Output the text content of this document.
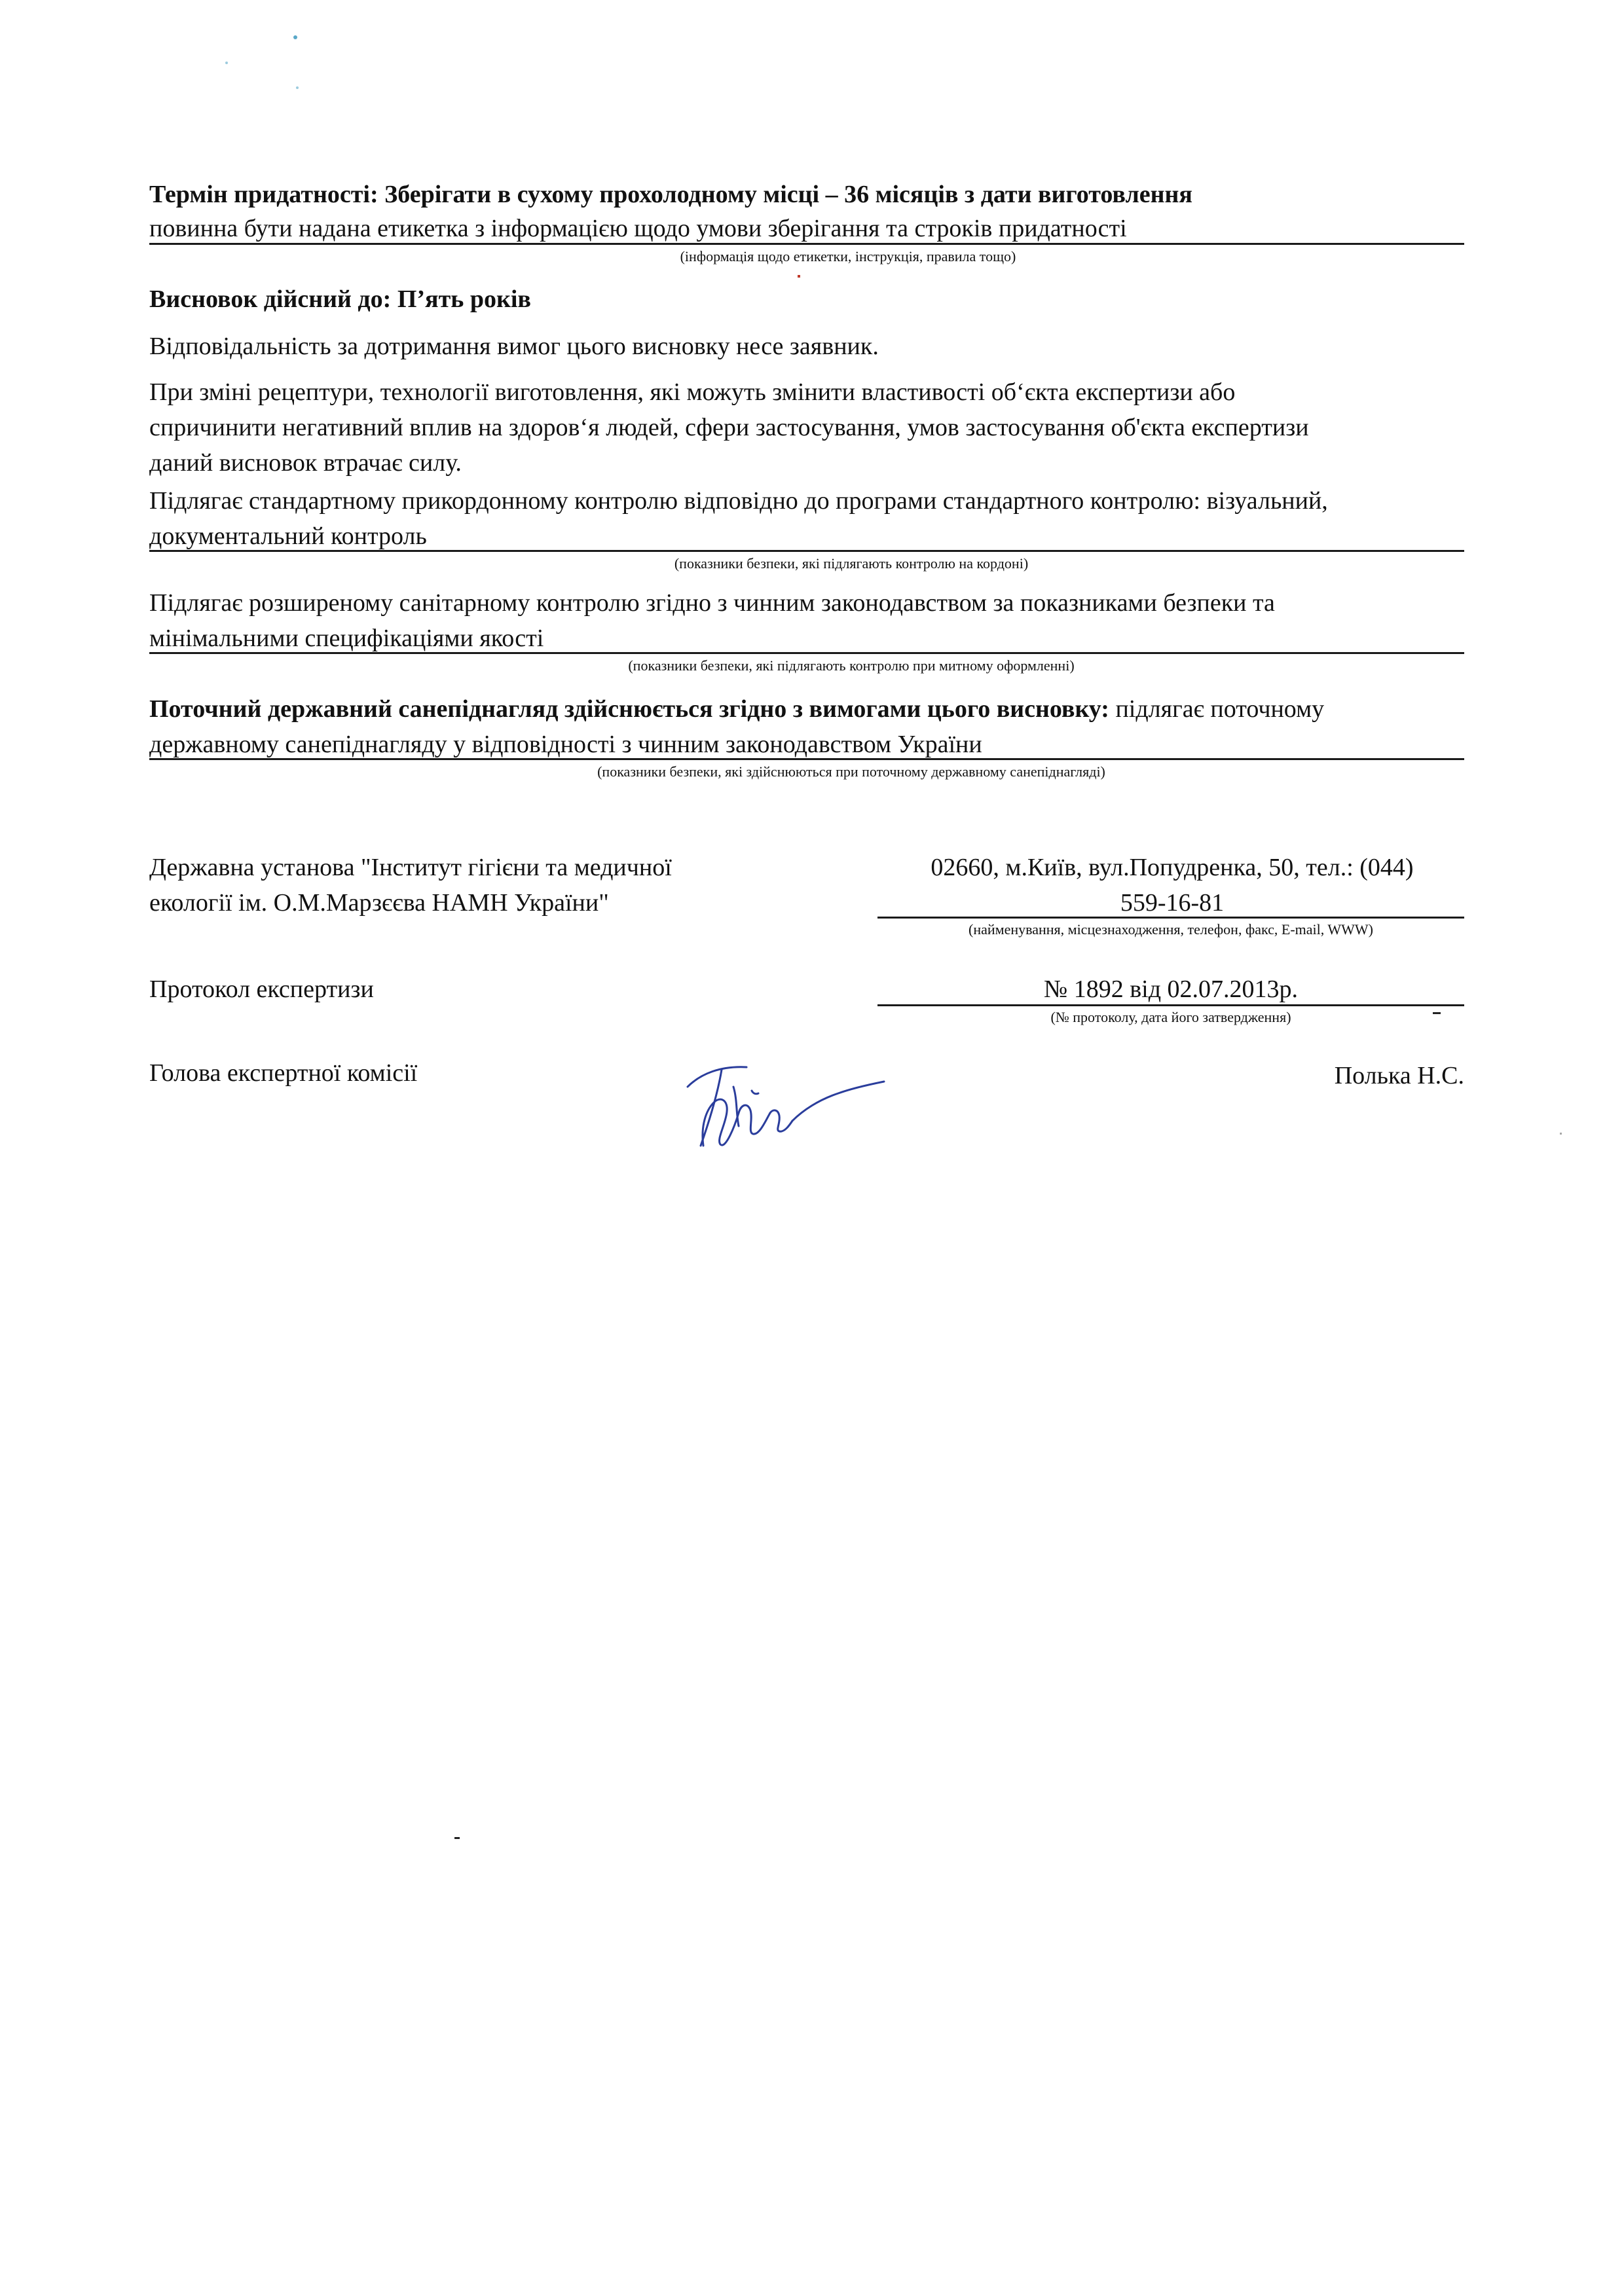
Термін придатності: Зберігати в сухому прохолодному місці – 36 місяців з дати виготовлення
повинна бути надана етикетка з інформацією щодо умови зберігання та строків придатності
(інформація щодо етикетки, інструкція, правила тощо)
Висновок дійсний до: П’ять років
Відповідальність за дотримання вимог цього висновку несе заявник.

При зміні рецептури, технології виготовлення, які можуть змінити властивості об‘єкта експертизи або

спричинити негативний вплив на здоров‘я людей, сфери застосування, умов застосування об'єкта експертизи

даний висновок втрачає силу.

Підлягає стандартному прикордонному контролю відповідно до програми стандартного контролю: візуальний,

документальний контроль

(показники безпеки, які підлягають контролю на кордоні)

Підлягає розширеному санітарному контролю згідно з чинним законодавством за показниками безпеки та

мінімальними специфікаціями якості

(показники безпеки, які підлягають контролю при митному оформленні)

Поточний державний санепіднагляд здійснюється згідно з вимогами цього висновку: підлягає поточному

державному санепіднагляду у відповідності з чинним законодавством України

(показники безпеки, які здійснюються при поточному державному санепіднагляді)

Державна установа "Інститут гігієни та медичної

екології ім. О.М.Марзєєва НАМН України"

02660, м.Київ, вул.Попудренка, 50, тел.: (044)

559-16-81

(найменування, місцезнаходження, телефон, факс, E-mail, WWW)
Протокол експертизи	№ 1892 від 02.07.2013р.
(№ протоколу, дата його затвердження)
Голова експертної комісії	Полька Н.С.
